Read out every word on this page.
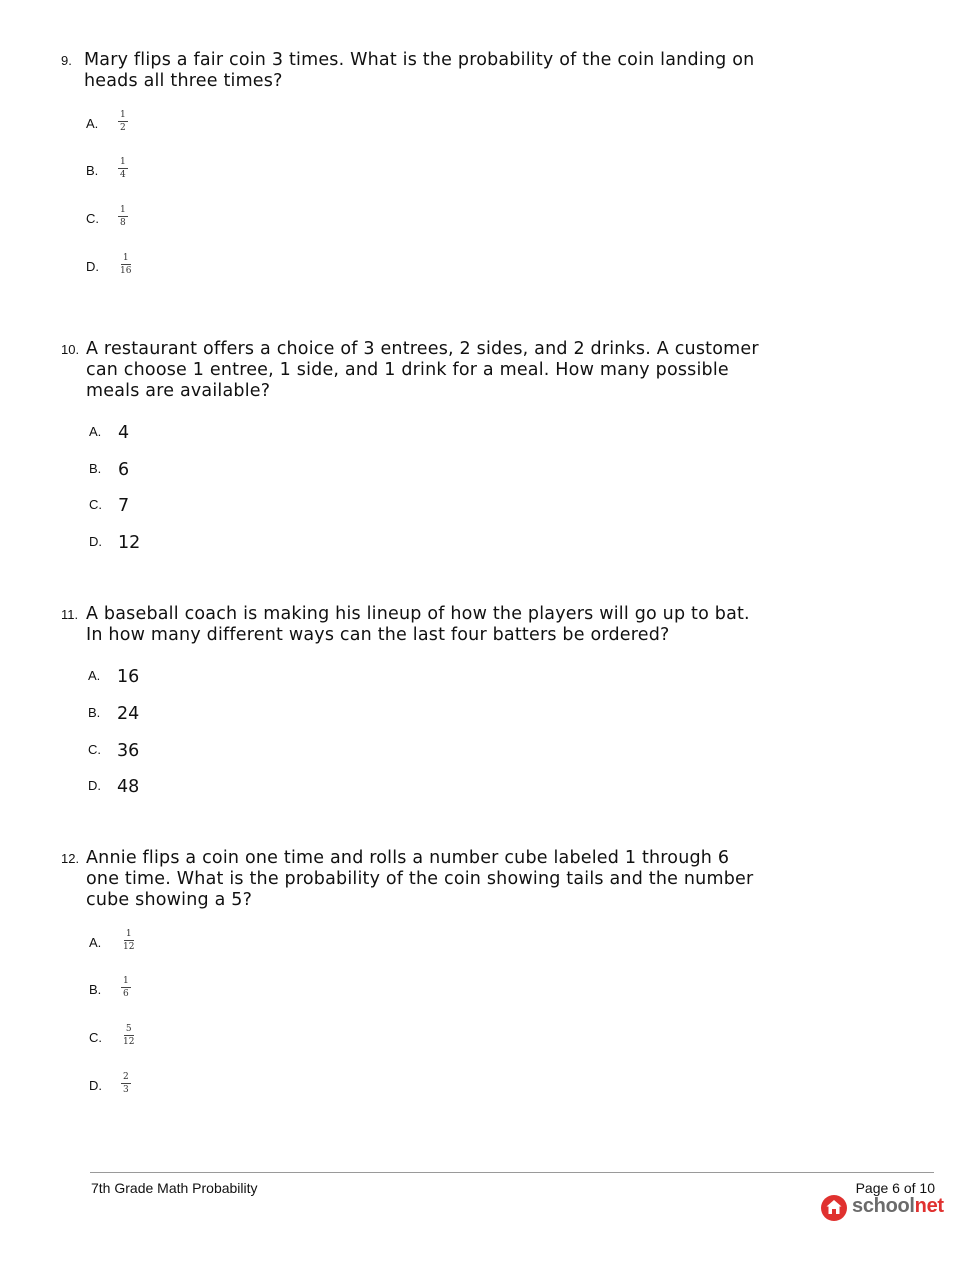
9. Mary flips a fair coin 3 times. What is the probability of the coin landing on heads all three times?
A. $\frac{1}{2}$
B. $\frac{1}{4}$
C. $\frac{1}{8}$
D. $\frac{1}{16}$
10. A restaurant offers a choice of 3 entrees, 2 sides, and 2 drinks. A customer can choose 1 entree, 1 side, and 1 drink for a meal. How many possible meals are available?
A. 4
B. 6
C. 7
D. 12
11. A baseball coach is making his lineup of how the players will go up to bat. In how many different ways can the last four batters be ordered?
A. 16
B. 24
C. 36
D. 48
12. Annie flips a coin one time and rolls a number cube labeled 1 through 6 one time. What is the probability of the coin showing tails and the number cube showing a 5?
A. $\frac{1}{12}$
B. $\frac{1}{6}$
C. $\frac{5}{12}$
D. $\frac{2}{3}$
7th Grade Math Probability	Page 6 of 10
schoolnet
